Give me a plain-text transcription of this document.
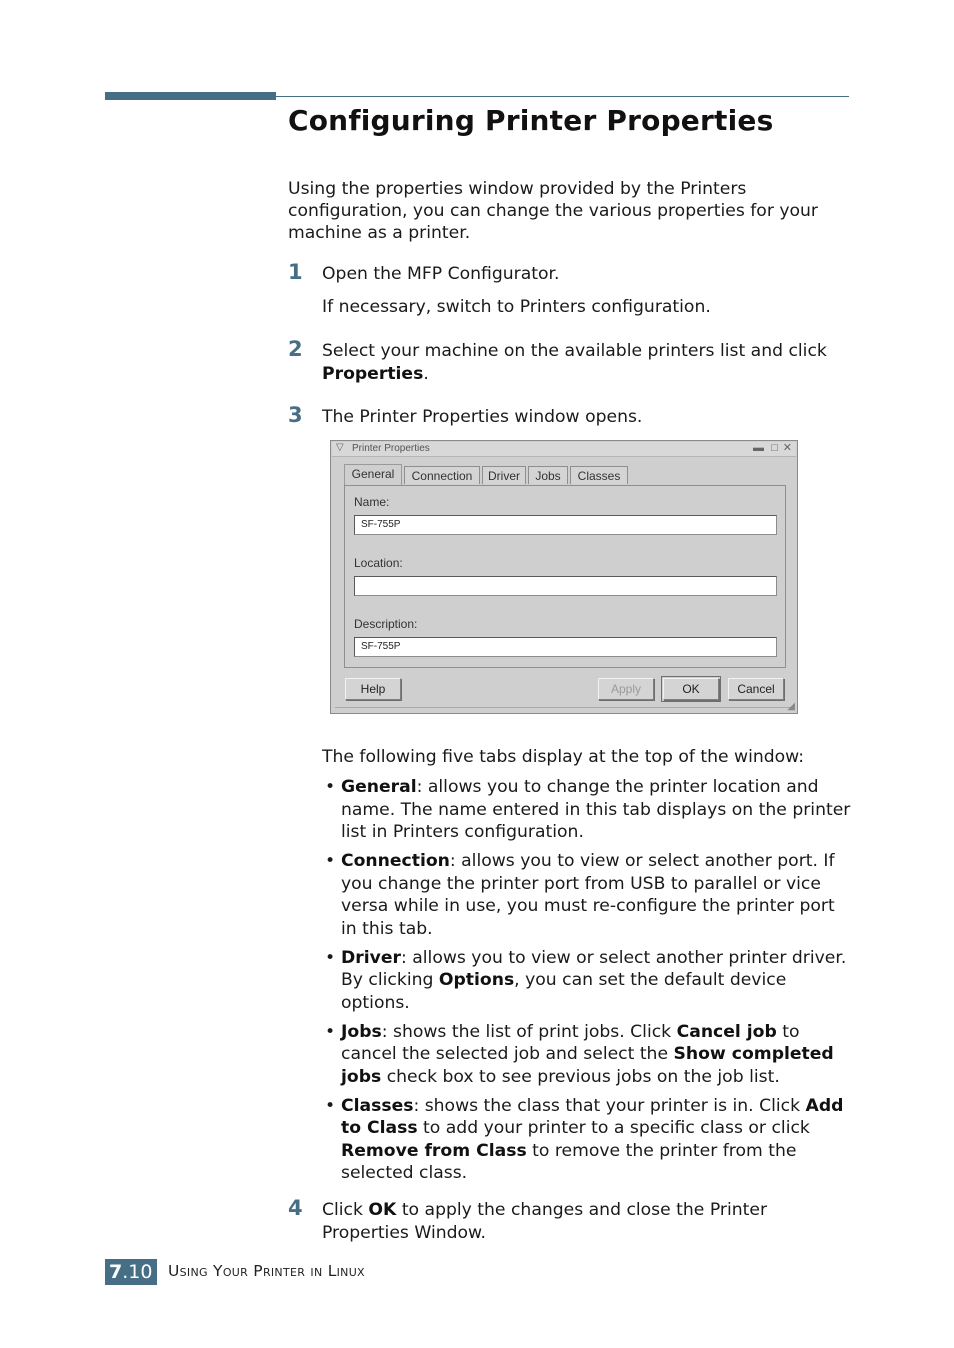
Configuring Printer Properties
Using the properties window provided by the Printers configuration, you can change the various properties for your machine as a printer.
1 Open the MFP Configurator.
If necessary, switch to Printers configuration.
2 Select your machine on the available printers list and click Properties.
3 The Printer Properties window opens.
▽ Printer Properties	▬ □ ✕
General	Connection	Driver	Jobs	Classes
Name:
SF-755P
Location:
Description:
SF-755P
Help	Apply	OK	Cancel
◢
The following five tabs display at the top of the window:
• General: allows you to change the printer location and name. The name entered in this tab displays on the printer list in Printers configuration.
• Connection: allows you to view or select another port. If you change the printer port from USB to parallel or vice versa while in use, you must re-configure the printer port in this tab.
• Driver: allows you to view or select another printer driver. By clicking Options, you can set the default device options.
• Jobs: shows the list of print jobs. Click Cancel job to cancel the selected job and select the Show completed jobs check box to see previous jobs on the job list.
• Classes: shows the class that your printer is in. Click Add to Class to add your printer to a specific class or click Remove from Class to remove the printer from the selected class.
4 Click OK to apply the changes and close the Printer Properties Window.
7.10 Using Your Printer in Linux
